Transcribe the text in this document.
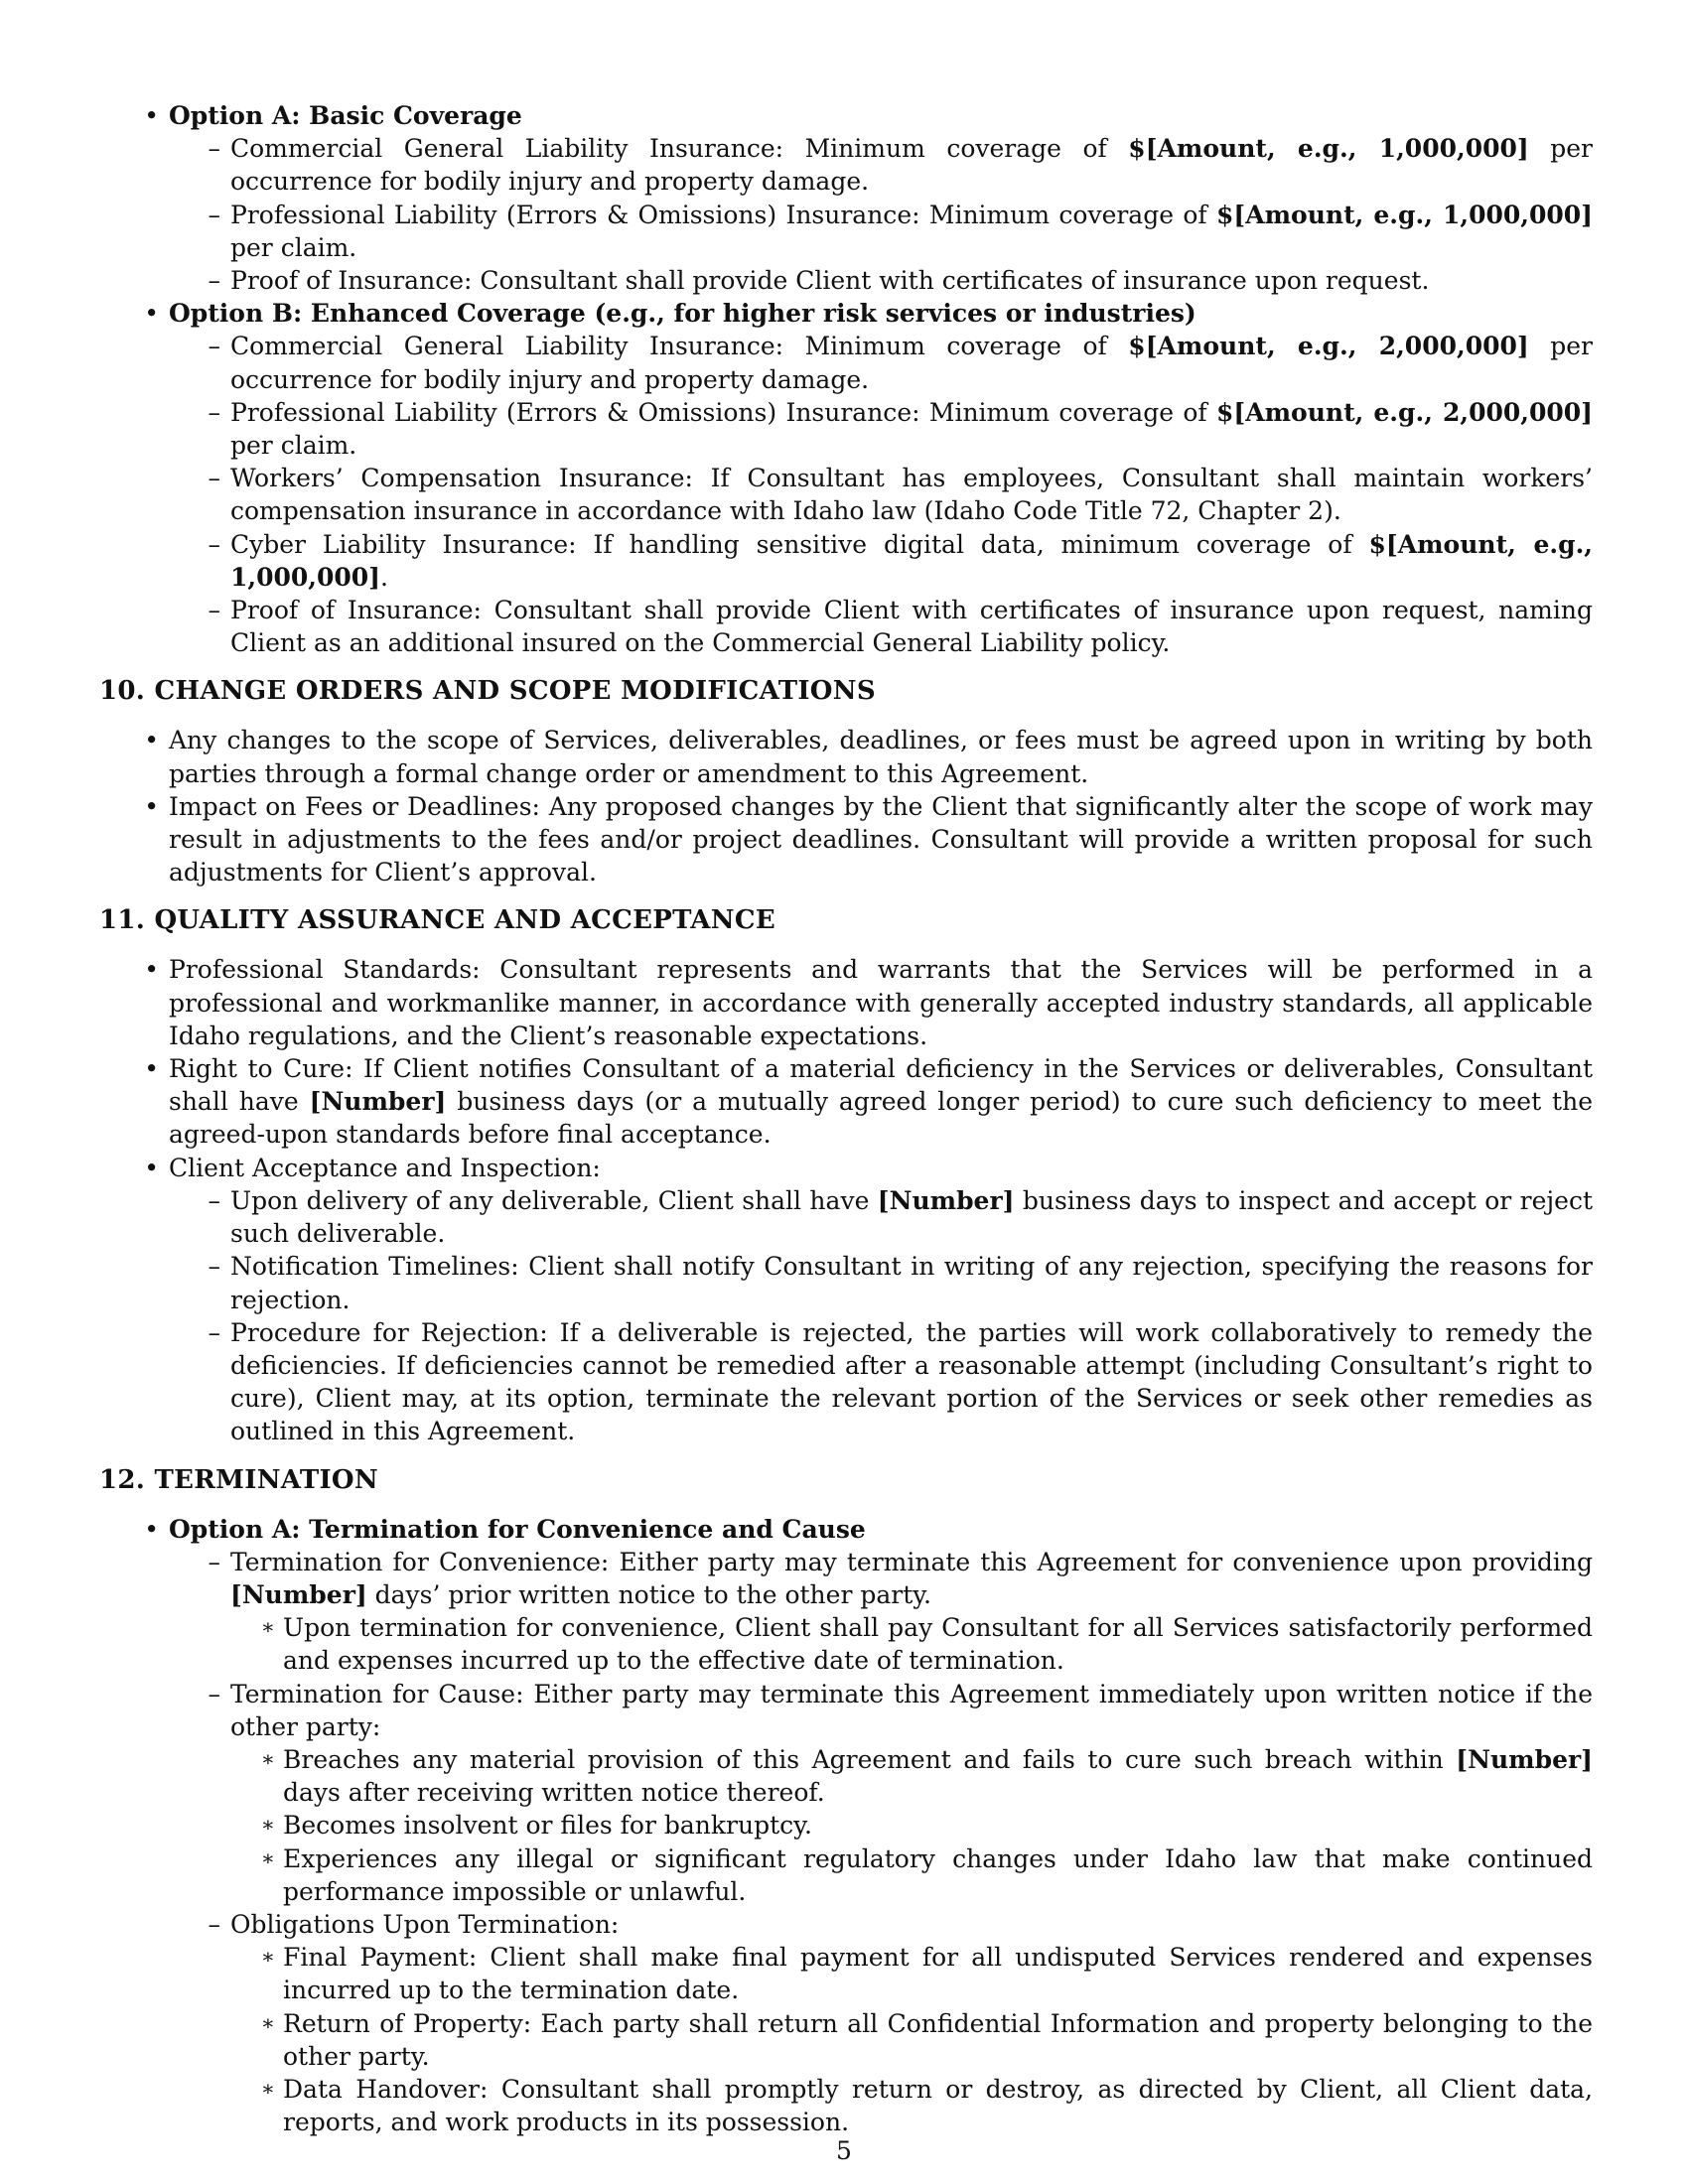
• Option A: Basic Coverage
– Commercial General Liability Insurance: Minimum coverage of $[Amount, e.g., 1,000,000] per occurrence for bodily injury and property damage.
– Professional Liability (Errors & Omissions) Insurance: Minimum coverage of $[Amount, e.g., 1,000,000] per claim.
– Proof of Insurance: Consultant shall provide Client with certificates of insurance upon request.
• Option B: Enhanced Coverage (e.g., for higher risk services or industries)
– Commercial General Liability Insurance: Minimum coverage of $[Amount, e.g., 2,000,000] per occurrence for bodily injury and property damage.
– Professional Liability (Errors & Omissions) Insurance: Minimum coverage of $[Amount, e.g., 2,000,000] per claim.
– Workers’ Compensation Insurance: If Consultant has employees, Consultant shall maintain workers’ compensation insurance in accordance with Idaho law (Idaho Code Title 72, Chapter 2).
– Cyber Liability Insurance: If handling sensitive digital data, minimum coverage of $[Amount, e.g., 1,000,000].
– Proof of Insurance: Consultant shall provide Client with certificates of insurance upon request, naming Client as an additional insured on the Commercial General Liability policy.
10. CHANGE ORDERS AND SCOPE MODIFICATIONS
• Any changes to the scope of Services, deliverables, deadlines, or fees must be agreed upon in writing by both parties through a formal change order or amendment to this Agreement.
• Impact on Fees or Deadlines: Any proposed changes by the Client that significantly alter the scope of work may result in adjustments to the fees and/or project deadlines. Consultant will provide a written proposal for such adjustments for Client’s approval.
11. QUALITY ASSURANCE AND ACCEPTANCE
• Professional Standards: Consultant represents and warrants that the Services will be performed in a professional and workmanlike manner, in accordance with generally accepted industry standards, all applicable Idaho regulations, and the Client’s reasonable expectations.
• Right to Cure: If Client notifies Consultant of a material deficiency in the Services or deliverables, Consultant shall have [Number] business days (or a mutually agreed longer period) to cure such deficiency to meet the agreed-upon standards before final acceptance.
• Client Acceptance and Inspection:
– Upon delivery of any deliverable, Client shall have [Number] business days to inspect and accept or reject such deliverable.
– Notification Timelines: Client shall notify Consultant in writing of any rejection, specifying the reasons for rejection.
– Procedure for Rejection: If a deliverable is rejected, the parties will work collaboratively to remedy the deficiencies. If deficiencies cannot be remedied after a reasonable attempt (including Consultant’s right to cure), Client may, at its option, terminate the relevant portion of the Services or seek other remedies as outlined in this Agreement.
12. TERMINATION
• Option A: Termination for Convenience and Cause
– Termination for Convenience: Either party may terminate this Agreement for convenience upon providing [Number] days’ prior written notice to the other party.
∗ Upon termination for convenience, Client shall pay Consultant for all Services satisfactorily performed and expenses incurred up to the effective date of termination.
– Termination for Cause: Either party may terminate this Agreement immediately upon written notice if the other party:
∗ Breaches any material provision of this Agreement and fails to cure such breach within [Number] days after receiving written notice thereof.
∗ Becomes insolvent or files for bankruptcy.
∗ Experiences any illegal or significant regulatory changes under Idaho law that make continued performance impossible or unlawful.
– Obligations Upon Termination:
∗ Final Payment: Client shall make final payment for all undisputed Services rendered and expenses incurred up to the termination date.
∗ Return of Property: Each party shall return all Confidential Information and property belonging to the other party.
∗ Data Handover: Consultant shall promptly return or destroy, as directed by Client, all Client data, reports, and work products in its possession.
5
